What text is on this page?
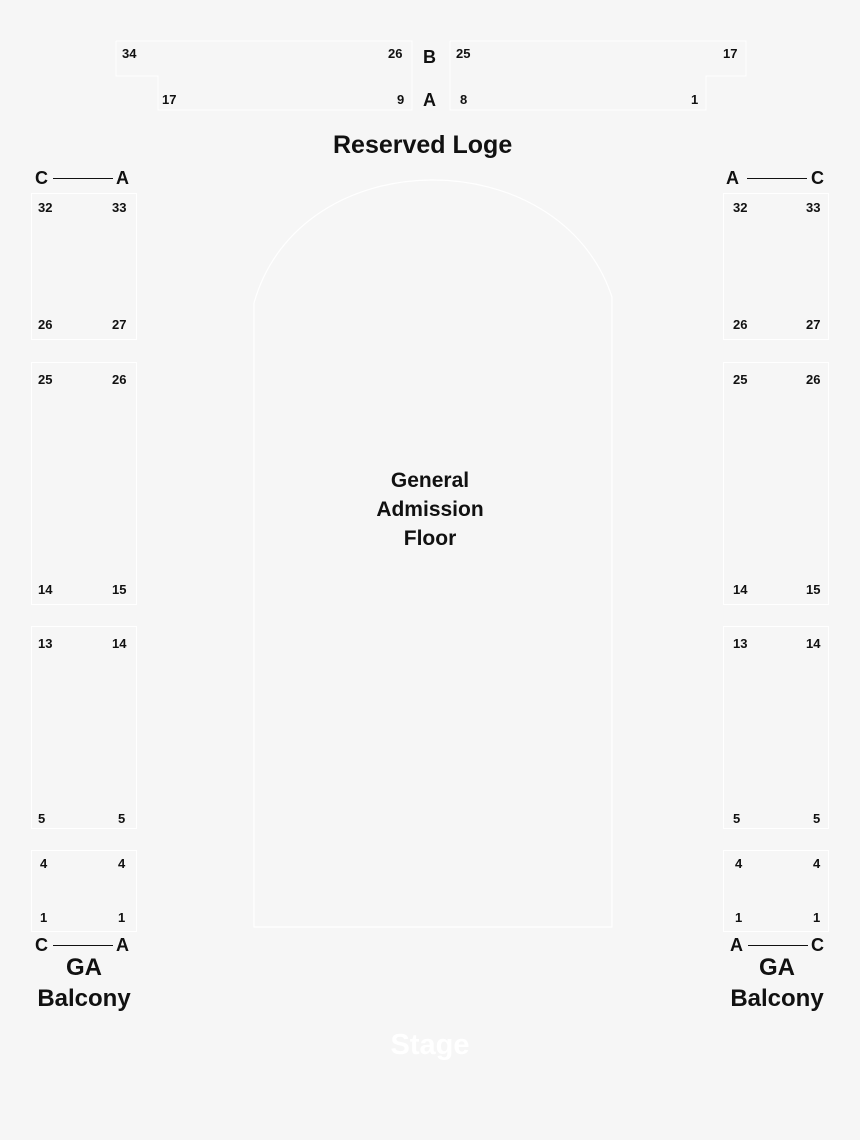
34	26 B 25	17
17	9 A 8	1
Reserved Loge
General
Admission
Floor
C	A
32	33
26	27
25	26
14	15
13	14
5	5
4	4
1	1
C	A
GA
Balcony
A	C
32	33
26	27
25	26
14	15
13	14
5	5
4	4
1	1
A	C
GA
Balcony
Stage
